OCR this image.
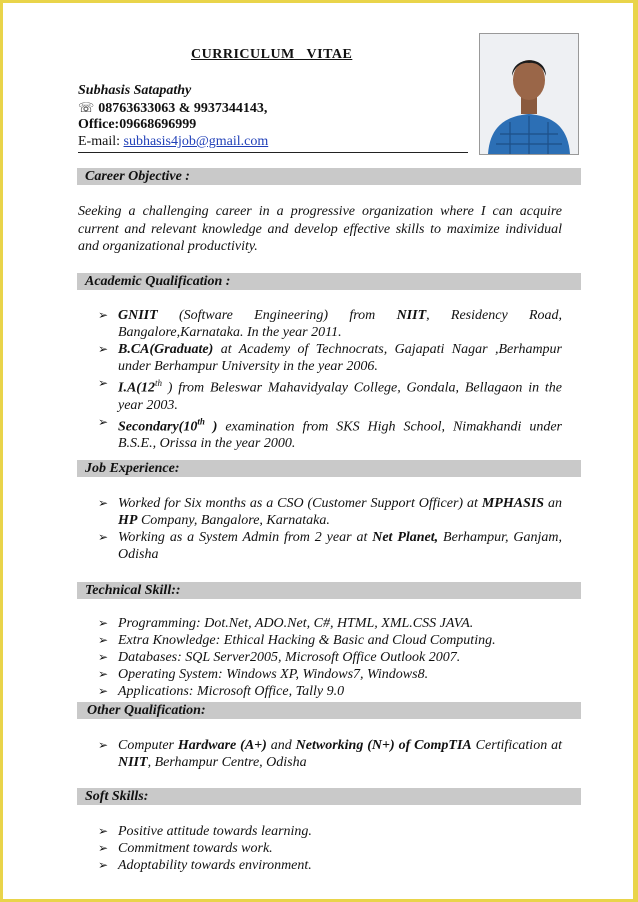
CURRICULUM   VITAE
Subhasis Satapathy
☏ 08763633063 & 9937344143,
Office:09668696999
E-mail: subhasis4job@gmail.com
Career Objective :
Seeking a challenging career in a progressive organization where I can acquire current and relevant knowledge and develop effective skills to maximize individual and organizational productivity.
Academic Qualification :
➢ GNIIT (Software Engineering) from NIIT, Residency Road, Bangalore,Karnataka. In the year 2011.
➢ B.CA(Graduate) at Academy of Technocrats, Gajapati Nagar ,Berhampur under Berhampur University in the year 2006.
➢ I.A(12th ) from Beleswar Mahavidyalay College, Gondala, Bellagaon in the year 2003.
➢ Secondary(10th ) examination from SKS High School, Nimakhandi under B.S.E., Orissa in the year 2000.
Job Experience:
➢ Worked for Six months as a CSO (Customer Support Officer) at MPHASIS an HP Company, Bangalore, Karnataka.
➢ Working as a System Admin from 2 year at Net Planet, Berhampur, Ganjam, Odisha
Technical Skill::
➢ Programming: Dot.Net, ADO.Net, C#, HTML, XML.CSS JAVA.
➢ Extra Knowledge: Ethical Hacking & Basic and Cloud Computing.
➢ Databases: SQL Server2005, Microsoft Office Outlook 2007.
➢ Operating System: Windows XP, Windows7, Windows8.
➢ Applications: Microsoft Office, Tally 9.0
Other Qualification:
➢ Computer Hardware (A+) and Networking (N+) of CompTIA Certification at NIIT, Berhampur Centre, Odisha
Soft Skills:
➢ Positive attitude towards learning.
➢ Commitment towards work.
➢ Adoptability towards environment.
